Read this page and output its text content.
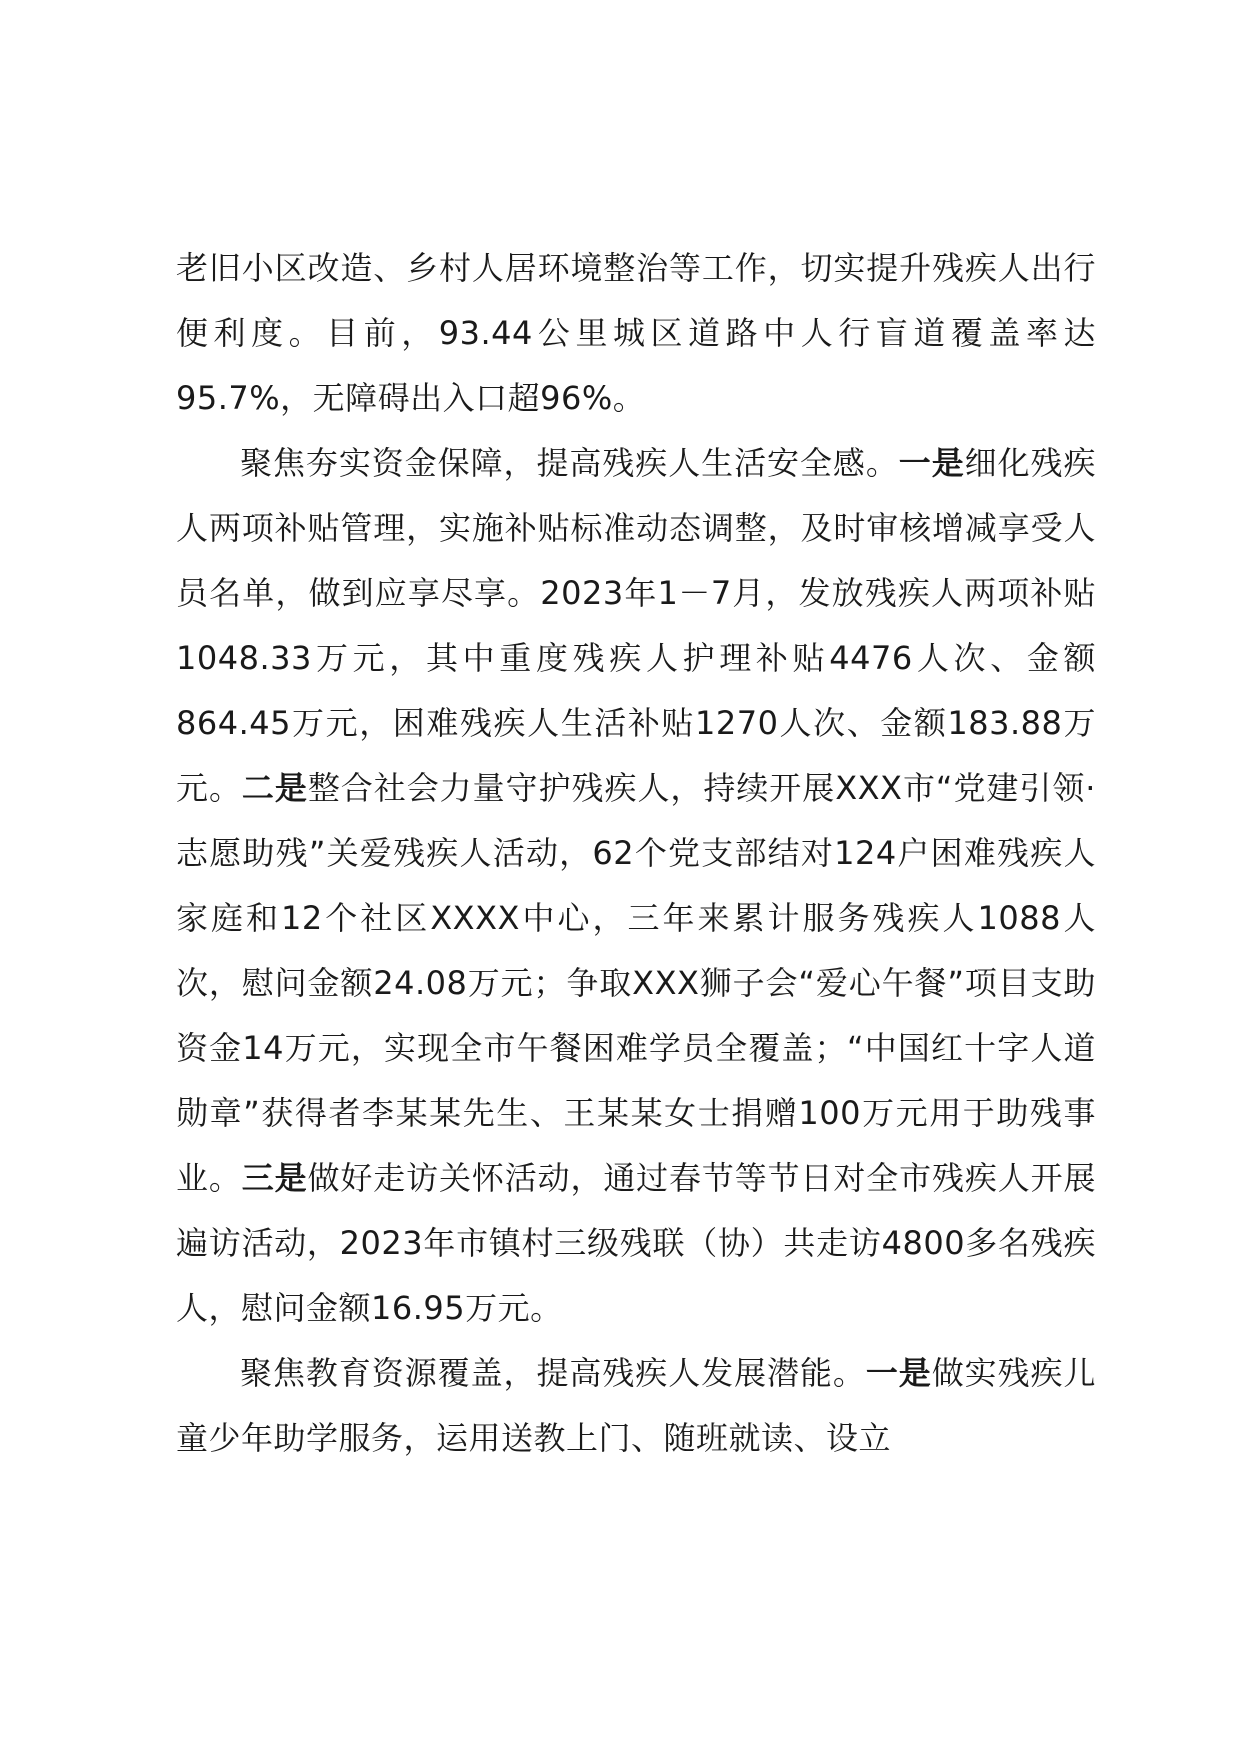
老旧小区改造、乡村人居环境整治等工作，切实提升残疾人出行便利度。目前，93.44公里城区道路中人行盲道覆盖率达95.7%，无障碍出入口超96%。

聚焦夯实资金保障，提高残疾人生活安全感。一是细化残疾人两项补贴管理，实施补贴标准动态调整，及时审核增减享受人员名单，做到应享尽享。2023年1－7月，发放残疾人两项补贴1048.33万元，其中重度残疾人护理补贴4476人次、金额864.45万元，困难残疾人生活补贴1270人次、金额183.88万元。二是整合社会力量守护残疾人，持续开展XXX市“党建引领·志愿助残”关爱残疾人活动，62个党支部结对124户困难残疾人家庭和12个社区XXXX中心，三年来累计服务残疾人1088人次，慰问金额24.08万元；争取XXX狮子会“爱心午餐”项目支助资金14万元，实现全市午餐困难学员全覆盖；“中国红十字人道勋章”获得者李某某先生、王某某女士捐赠100万元用于助残事业。三是做好走访关怀活动，通过春节等节日对全市残疾人开展遍访活动，2023年市镇村三级残联（协）共走访4800多名残疾人，慰问金额16.95万元。

聚焦教育资源覆盖，提高残疾人发展潜能。一是做实残疾儿童少年助学服务，运用送教上门、随班就读、设立
